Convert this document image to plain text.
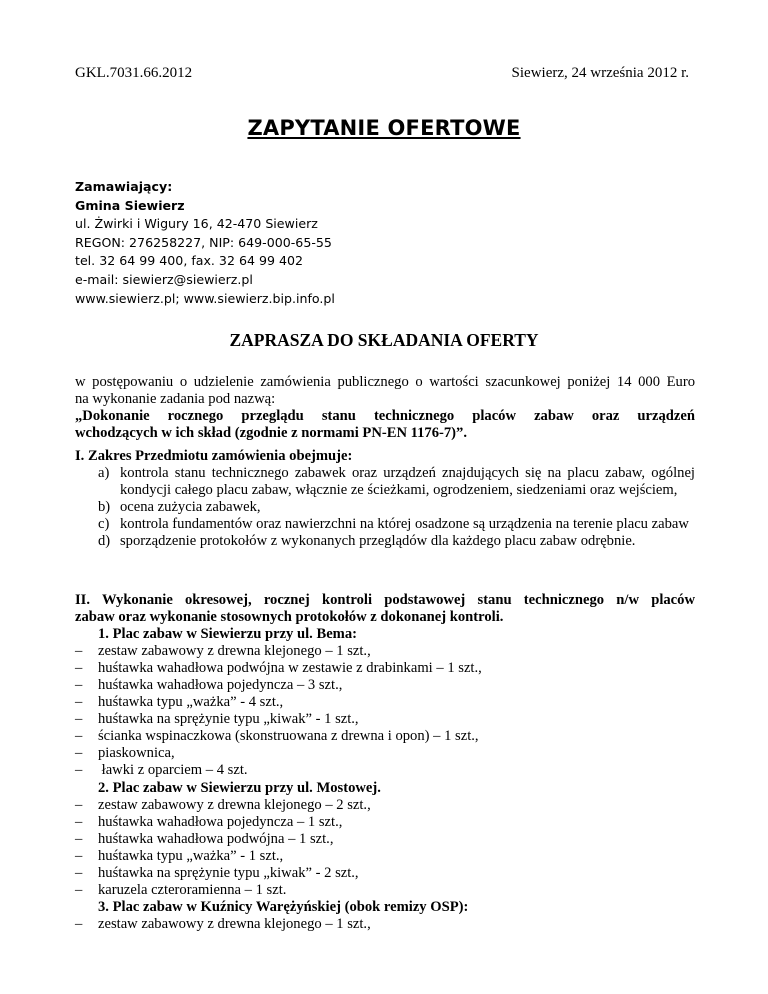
GKL.7031.66.2012	Siewierz, 24 września 2012 r.
ZAPYTANIE OFERTOWE
Zamawiający:
Gmina Siewierz
ul. Żwirki i Wigury 16, 42-470 Siewierz
REGON: 276258227, NIP: 649-000-65-55
tel. 32 64 99 400, fax. 32 64 99 402
e-mail: siewierz@siewierz.pl
www.siewierz.pl; www.siewierz.bip.info.pl
ZAPRASZA DO SKŁADANIA OFERTY
w postępowaniu o udzielenie zamówienia publicznego o wartości szacunkowej poniżej 14 000 Euro
na wykonanie zadania pod nazwą:
„Dokonanie rocznego przeglądu stanu technicznego placów zabaw oraz urządzeń
wchodzących w ich skład (zgodnie z normami PN-EN 1176-7)”.
I. Zakres Przedmiotu zamówienia obejmuje:
a) kontrola stanu technicznego zabawek oraz urządzeń znajdujących się na placu zabaw, ogólnej kondycji całego placu zabaw, włącznie ze ścieżkami, ogrodzeniem, siedzeniami oraz wejściem,
b) ocena zużycia zabawek,
c) kontrola fundamentów oraz nawierzchni na której osadzone są urządzenia na terenie placu zabaw
d) sporządzenie protokołów z wykonanych przeglądów dla każdego placu zabaw odrębnie.
II. Wykonanie okresowej, rocznej kontroli podstawowej stanu technicznego n/w placów
zabaw oraz wykonanie stosownych protokołów z dokonanej kontroli.
1. Plac zabaw w Siewierzu przy ul. Bema:
– zestaw zabawowy z drewna klejonego – 1 szt.,
– huśtawka wahadłowa podwójna w zestawie z drabinkami – 1 szt.,
– huśtawka wahadłowa pojedyncza – 3 szt.,
– huśtawka typu „ważka” - 4 szt.,
– huśtawka na sprężynie typu „kiwak” - 1 szt.,
– ścianka wspinaczkowa (skonstruowana z drewna i opon) – 1 szt.,
– piaskownica,
– ławki z oparciem – 4 szt.
2. Plac zabaw w Siewierzu przy ul. Mostowej.
– zestaw zabawowy z drewna klejonego – 2 szt.,
– huśtawka wahadłowa pojedyncza – 1 szt.,
– huśtawka wahadłowa podwójna – 1 szt.,
– huśtawka typu „ważka” - 1 szt.,
– huśtawka na sprężynie typu „kiwak” - 2 szt.,
– karuzela czteroramienna – 1 szt.
3. Plac zabaw w Kuźnicy Warężyńskiej (obok remizy OSP):
– zestaw zabawowy z drewna klejonego – 1 szt.,
